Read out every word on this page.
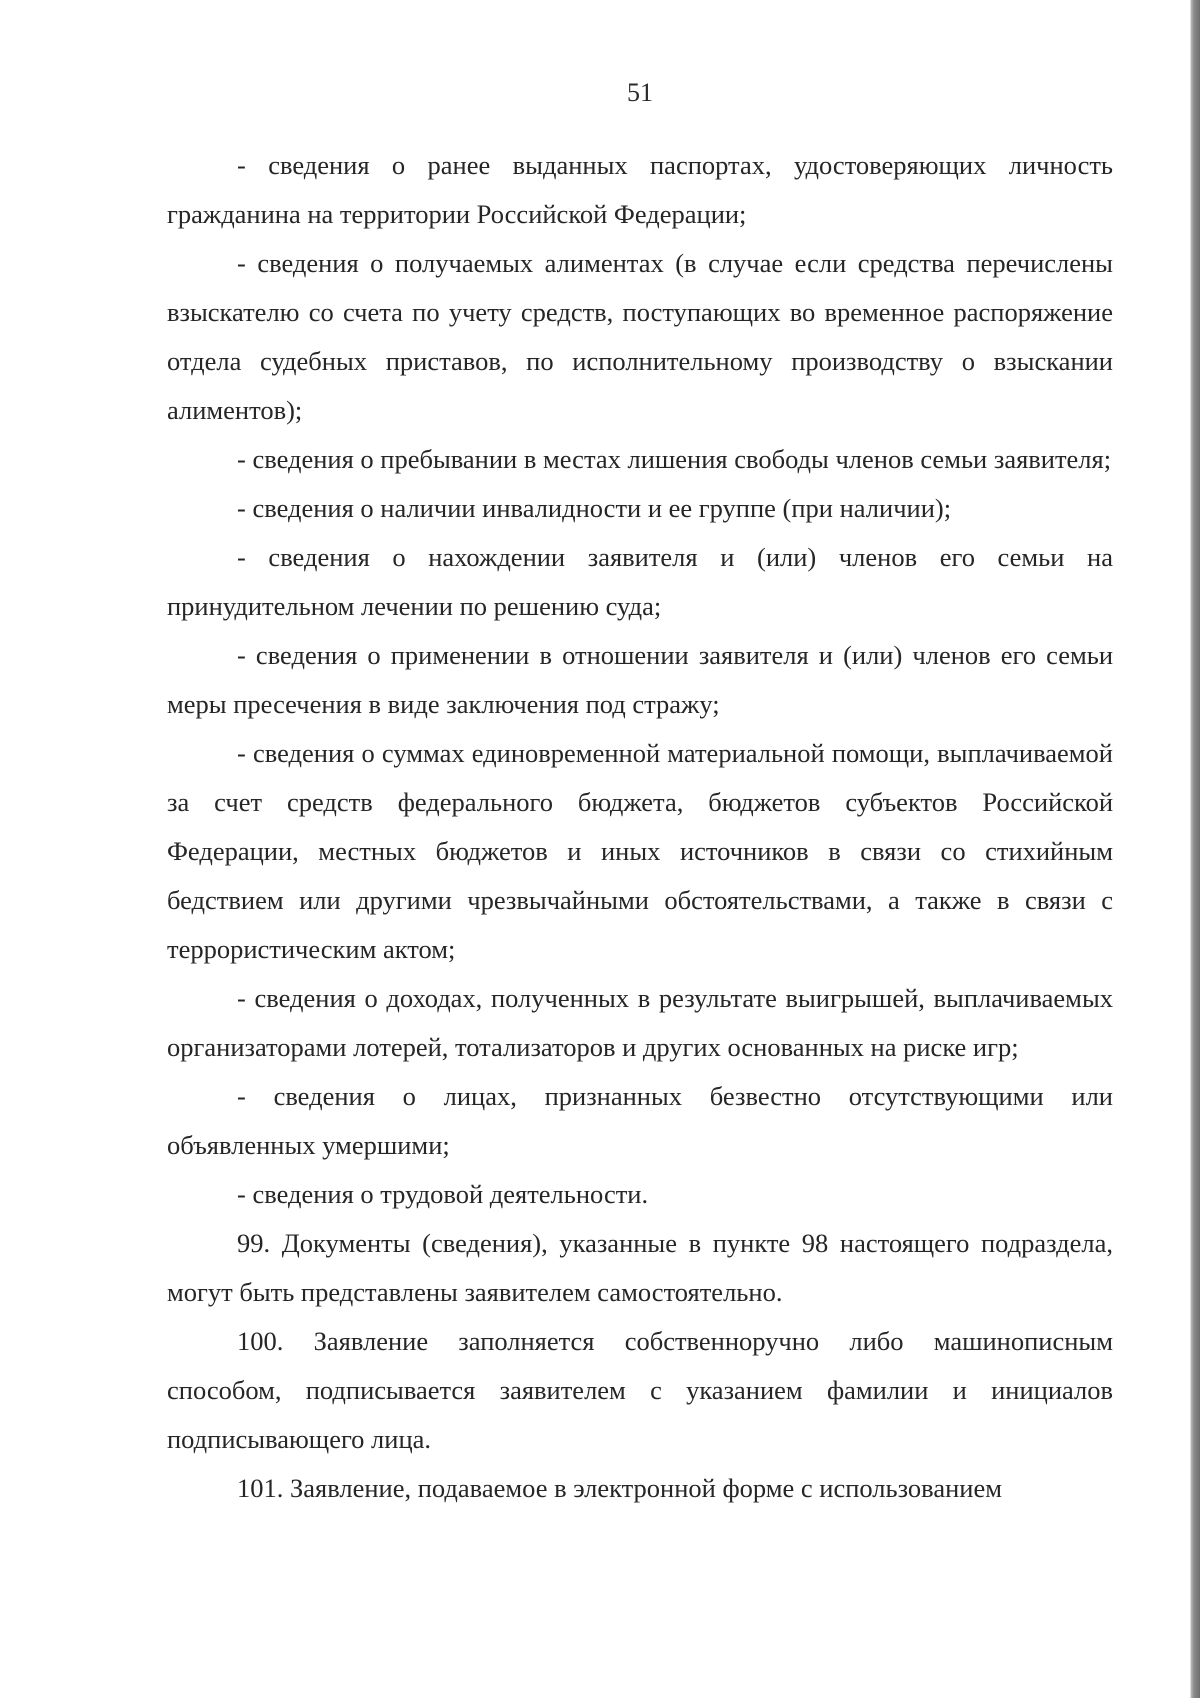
51

- сведения о ранее выданных паспортах, удостоверяющих личность гражданина на территории Российской Федерации;

- сведения о получаемых алиментах (в случае если средства перечислены взыскателю со счета по учету средств, поступающих во временное распоряжение отдела судебных приставов, по исполнительному производству о взыскании алиментов);

- сведения о пребывании в местах лишения свободы членов семьи заявителя;

- сведения о наличии инвалидности и ее группе (при наличии);

- сведения о нахождении заявителя и (или) членов его семьи на принудительном лечении по решению суда;

- сведения о применении в отношении заявителя и (или) членов его семьи меры пресечения в виде заключения под стражу;

- сведения о суммах единовременной материальной помощи, выплачиваемой за счет средств федерального бюджета, бюджетов субъектов Российской Федерации, местных бюджетов и иных источников в связи со стихийным бедствием или другими чрезвычайными обстоятельствами, а также в связи с террористическим актом;

- сведения о доходах, полученных в результате выигрышей, выплачиваемых организаторами лотерей, тотализаторов и других основанных на риске игр;

- сведения о лицах, признанных безвестно отсутствующими или объявленных умершими;

- сведения о трудовой деятельности.

99. Документы (сведения), указанные в пункте 98 настоящего подраздела, могут быть представлены заявителем самостоятельно.

100. Заявление заполняется собственноручно либо машинописным способом, подписывается заявителем с указанием фамилии и инициалов подписывающего лица.

101. Заявление, подаваемое в электронной форме с использованием
